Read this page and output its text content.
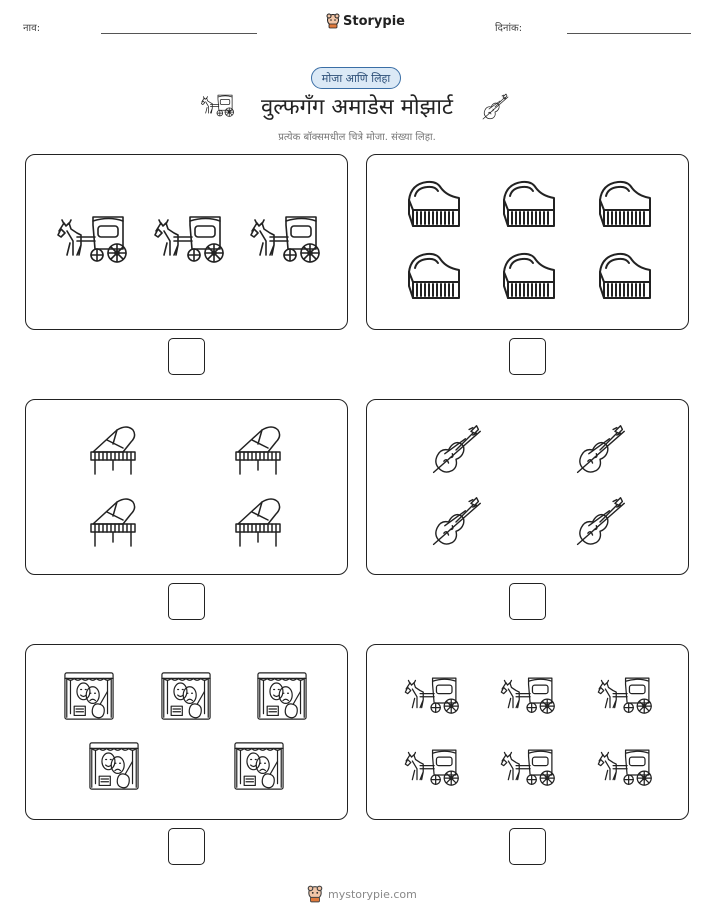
नाव:	Storypie	दिनांक:
मोजा आणि लिहा
वुल्फगँग अमाडेस मोझार्ट
प्रत्येक बॉक्समधील चित्रे मोजा. संख्या लिहा.
mystorypie.com
